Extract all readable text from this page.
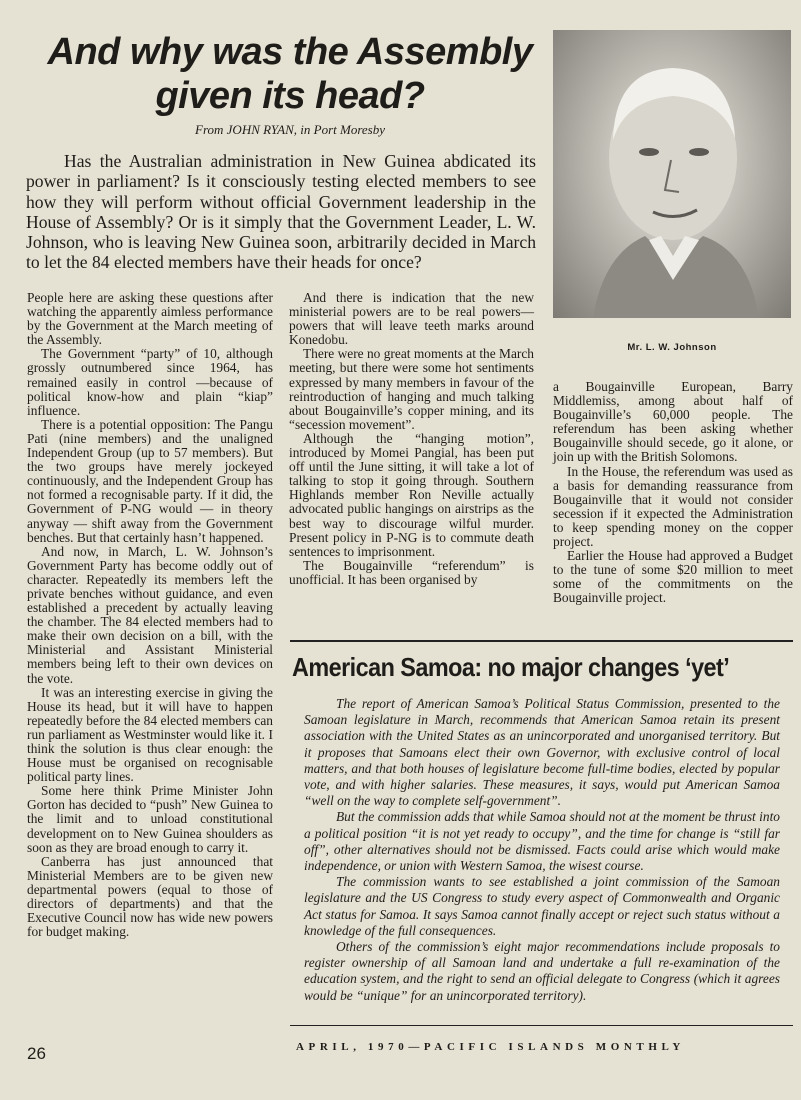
And why was the Assembly given its head?
From JOHN RYAN, in Port Moresby

Has the Australian administration in New Guinea abdicated its power in parliament? Is it consciously testing elected members to see how they will perform without official Government leadership in the House of Assembly? Or is it simply that the Government Leader, L. W. Johnson, who is leaving New Guinea soon, arbitrarily decided in March to let the 84 elected members have their heads for once?

Mr. L. W. Johnson

People here are asking these questions after watching the apparently aimless performance by the Government at the March meeting of the Assembly.

The Government “party” of 10, although grossly outnumbered since 1964, has remained easily in control —because of political know-how and plain “kiap” influence.

There is a potential opposition: The Pangu Pati (nine members) and the unaligned Independent Group (up to 57 members). But the two groups have merely jockeyed continuously, and the Independent Group has not formed a recognisable party. If it did, the Government of P-NG would — in theory anyway — shift away from the Government benches. But that certainly hasn’t happened.

And now, in March, L. W. Johnson’s Government Party has become oddly out of character. Repeatedly its members left the private benches without guidance, and even established a precedent by actually leaving the chamber. The 84 elected members had to make their own decision on a bill, with the Ministerial and Assistant Ministerial members being left to their own devices on the vote.

It was an interesting exercise in giving the House its head, but it will have to happen repeatedly before the 84 elected members can run parliament as Westminster would like it. I think the solution is thus clear enough: the House must be organised on recognisable political party lines.

Some here think Prime Minister John Gorton has decided to “push” New Guinea to the limit and to unload constitutional development on to New Guinea shoulders as soon as they are broad enough to carry it.

Canberra has just announced that Ministerial Members are to be given new departmental powers (equal to those of directors of departments) and that the Executive Council now has wide new powers for budget making.

And there is indication that the new ministerial powers are to be real powers—powers that will leave teeth marks around Konedobu.

There were no great moments at the March meeting, but there were some hot sentiments expressed by many members in favour of the reintroduction of hanging and much talking about Bougainville’s copper mining, and its “secession movement”.

Although the “hanging motion”, introduced by Momei Pangial, has been put off until the June sitting, it will take a lot of talking to stop it going through. Southern Highlands member Ron Neville actually advocated public hangings on airstrips as the best way to discourage wilful murder. Present policy in P-NG is to commute death sentences to imprisonment.

The Bougainville “referendum” is unofficial. It has been organised by

a Bougainville European, Barry Middlemiss, among about half of Bougainville’s 60,000 people. The referendum has been asking whether Bougainville should secede, go it alone, or join up with the British Solomons.

In the House, the referendum was used as a basis for demanding reassurance from Bougainville that it would not consider secession if it expected the Administration to keep spending money on the copper project.

Earlier the House had approved a Budget to the tune of some $20 million to meet some of the commitments on the Bougainville project.

American Samoa: no major changes ‘yet’

The report of American Samoa’s Political Status Commission, presented to the Samoan legislature in March, recommends that American Samoa retain its present association with the United States as an unincorporated and unorganised territory. But it proposes that Samoans elect their own Governor, with exclusive control of local matters, and that both houses of legislature become full-time bodies, elected by popular vote, and with higher salaries. These measures, it says, would put American Samoa “well on the way to complete self-government”.

But the commission adds that while Samoa should not at the moment be thrust into a political position “it is not yet ready to occupy”, and the time for change is “still far off”, other alternatives should not be dismissed. Facts could arise which would make independence, or union with Western Samoa, the wisest course.

The commission wants to see established a joint commission of the Samoan legislature and the US Congress to study every aspect of Commonwealth and Organic Act status for Samoa. It says Samoa cannot finally accept or reject such status without a knowledge of the full consequences.

Others of the commission’s eight major recommendations include proposals to register ownership of all Samoan land and undertake a full re-examination of the education system, and the right to send an official delegate to Congress (which it agrees would be “unique” for an unincorporated territory).

26	APRIL, 1970—PACIFIC ISLANDS MONTHLY
